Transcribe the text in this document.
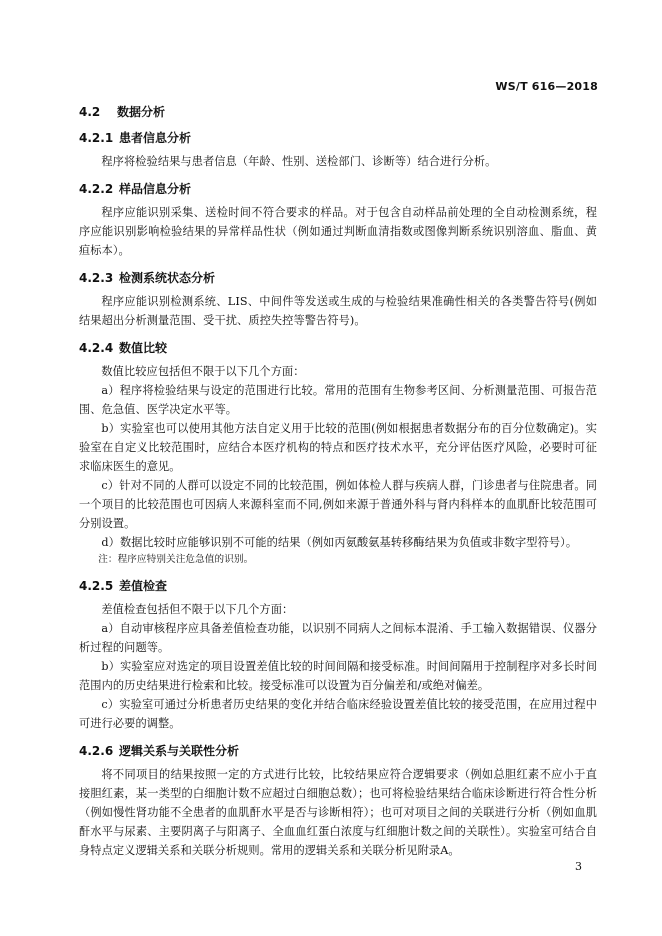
WS/T 616—2018
4.2 数据分析
4.2.1 患者信息分析

程序将检验结果与患者信息（年龄、性别、送检部门、诊断等）结合进行分析。

4.2.2 样品信息分析

程序应能识别采集、送检时间不符合要求的样品。对于包含自动样品前处理的全自动检测系统，程序应能识别影响检验结果的异常样品性状（例如通过判断血清指数或图像判断系统识别溶血、脂血、黄疸标本）。

4.2.3 检测系统状态分析

程序应能识别检测系统、LIS、中间件等发送或生成的与检验结果准确性相关的各类警告符号(例如结果超出分析测量范围、受干扰、质控失控等警告符号)。

4.2.4 数值比较

数值比较应包括但不限于以下几个方面：

a）程序将检验结果与设定的范围进行比较。常用的范围有生物参考区间、分析测量范围、可报告范围、危急值、医学决定水平等。

b）实验室也可以使用其他方法自定义用于比较的范围(例如根据患者数据分布的百分位数确定)。实验室在自定义比较范围时，应结合本医疗机构的特点和医疗技术水平，充分评估医疗风险，必要时可征求临床医生的意见。

c）针对不同的人群可以设定不同的比较范围，例如体检人群与疾病人群，门诊患者与住院患者。同一个项目的比较范围也可因病人来源科室而不同,例如来源于普通外科与肾内科样本的血肌酐比较范围可分别设置。

d）数据比较时应能够识别不可能的结果（例如丙氨酸氨基转移酶结果为负值或非数字型符号）。

注：程序应特别关注危急值的识别。

4.2.5 差值检查

差值检查包括但不限于以下几个方面：

a）自动审核程序应具备差值检查功能，以识别不同病人之间标本混淆、手工输入数据错误、仪器分析过程的问题等。

b）实验室应对选定的项目设置差值比较的时间间隔和接受标准。时间间隔用于控制程序对多长时间范围内的历史结果进行检索和比较。接受标准可以设置为百分偏差和/或绝对偏差。

c）实验室可通过分析患者历史结果的变化并结合临床经验设置差值比较的接受范围，在应用过程中可进行必要的调整。

4.2.6 逻辑关系与关联性分析

将不同项目的结果按照一定的方式进行比较，比较结果应符合逻辑要求（例如总胆红素不应小于直接胆红素，某一类型的白细胞计数不应超过白细胞总数）；也可将检验结果结合临床诊断进行符合性分析（例如慢性肾功能不全患者的血肌酐水平是否与诊断相符）；也可对项目之间的关联进行分析（例如血肌酐水平与尿素、主要阴离子与阳离子、全血血红蛋白浓度与红细胞计数之间的关联性）。实验室可结合自身特点定义逻辑关系和关联分析规则。常用的逻辑关系和关联分析见附录A。

3
